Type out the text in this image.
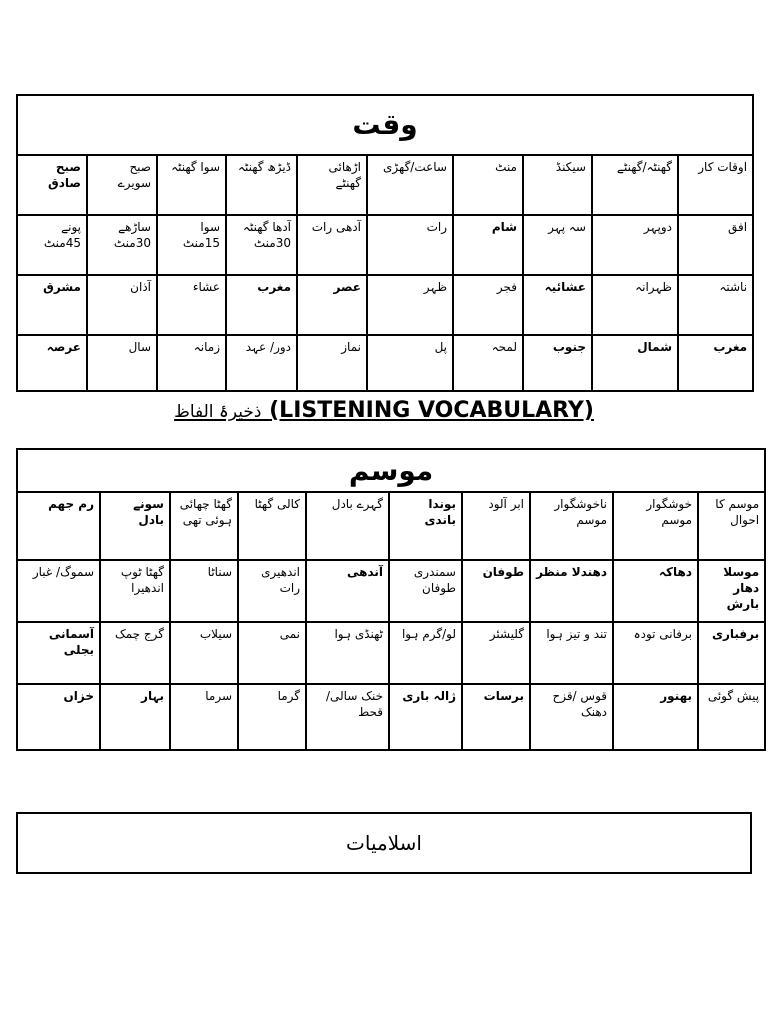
وقت									
صبح صادق	صبح سویرے	سوا گھنٹہ	ڈیڑھ گھنٹہ	اڑھائی گھنٹے	ساعت/گھڑی	منٹ	سیکنڈ	گھنٹہ/گھنٹے	اوقات کار
پونے 45منٹ	ساڑھے 30منٹ	سوا 15منٹ	آدھا گھنٹہ 30منٹ	آدھی رات	رات	شام	سہ پہر	دوپہر	افق
مشرق	آذان	عشاء	مغرب	عصر	ظہر	فجر	عشائیہ	ظہرانہ	ناشتہ
عرصہ	سال	زمانہ	دور/ عہد	نماز	پل	لمحہ	جنوب	شمال	مغرب
ذخیرۂ الفاظ (LISTENING VOCABULARY)
موسم									
رم جھم	سونے بادل	گھٹا چھائی ہوئی تھی	کالی گھٹا	گہرے بادل	بوندا باندی	ابر آلود	ناخوشگوار موسم	خوشگوار موسم	موسم کا احوال
سموگ/ غبار	گھٹا ٹوپ اندھیرا	سناٹا	اندھیری رات	آندھی	سمندری طوفان	طوفان	دھندلا منظر	دھاکہ	موسلا دھار بارش
آسمانی بجلی	گرج چمک	سیلاب	نمی	ٹھنڈی ہوا	لو/گرم ہوا	گلیشئر	تند و تیز ہوا	برفانی تودہ	برفباری
خزاں	بہار	سرما	گرما	خنک سالی/ قحط	ژالہ باری	برسات	قوس /قزح دھنک	بھنور	پیش گوئی
اسلامیات
